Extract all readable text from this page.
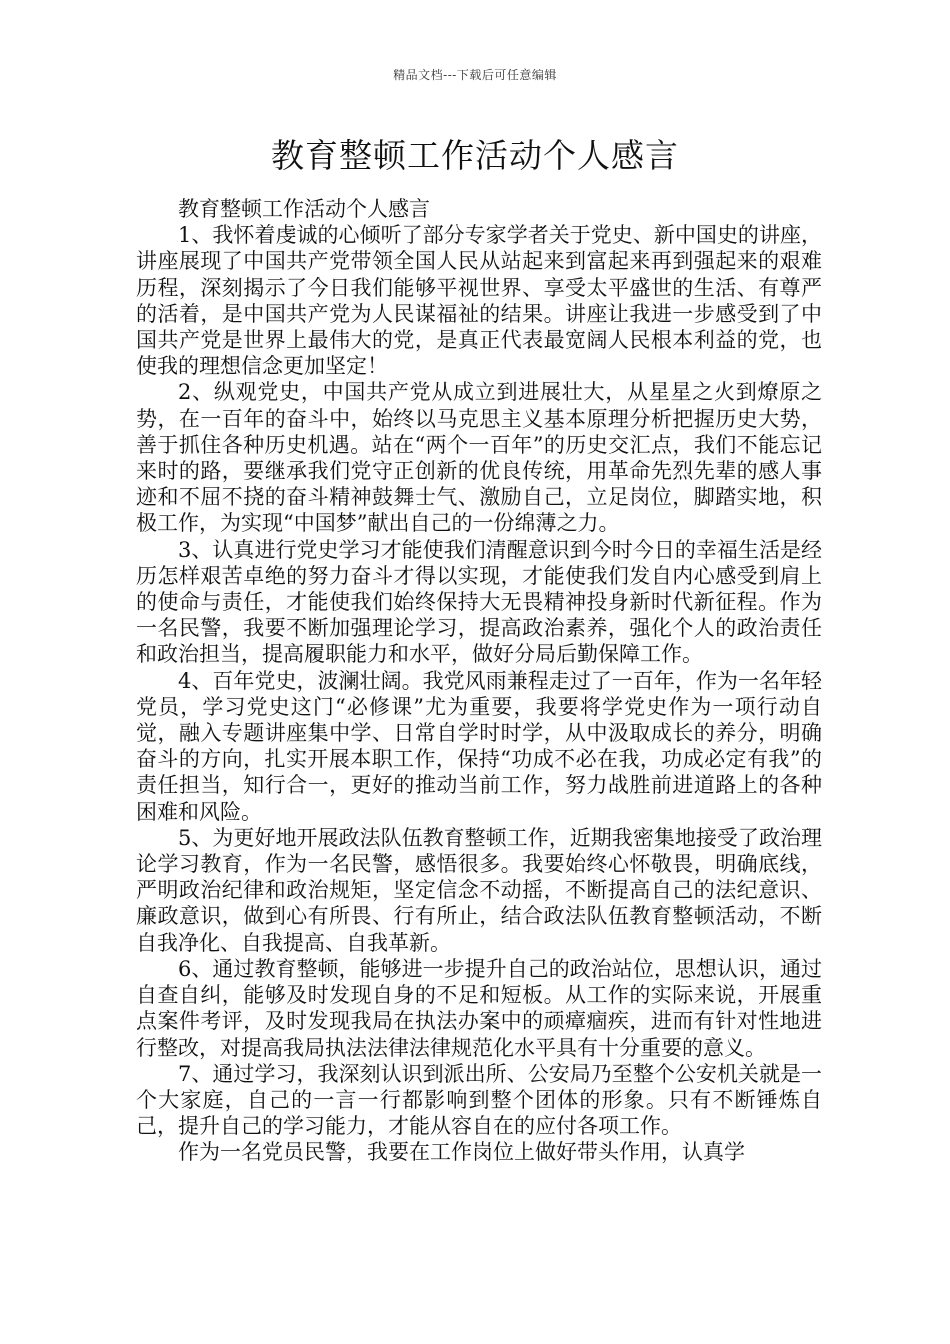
精品文档---下载后可任意编辑
教育整顿工作活动个人感言

教育整顿工作活动个人感言

1、我怀着虔诚的心倾听了部分专家学者关于党史、新中国史的讲座，讲座展现了中国共产党带领全国人民从站起来到富起来再到强起来的艰难历程，深刻揭示了今日我们能够平视世界、享受太平盛世的生活、有尊严的活着，是中国共产党为人民谋福祉的结果。讲座让我进一步感受到了中国共产党是世界上最伟大的党，是真正代表最宽阔人民根本利益的党，也使我的理想信念更加坚定！

2、纵观党史，中国共产党从成立到进展壮大，从星星之火到燎原之势，在一百年的奋斗中，始终以马克思主义基本原理分析把握历史大势，善于抓住各种历史机遇。站在“两个一百年”的历史交汇点，我们不能忘记来时的路，要继承我们党守正创新的优良传统，用革命先烈先辈的感人事迹和不屈不挠的奋斗精神鼓舞士气、激励自己，立足岗位，脚踏实地，积极工作，为实现“中国梦”献出自己的一份绵薄之力。

3、认真进行党史学习才能使我们清醒意识到今时今日的幸福生活是经历怎样艰苦卓绝的努力奋斗才得以实现，才能使我们发自内心感受到肩上的使命与责任，才能使我们始终保持大无畏精神投身新时代新征程。作为一名民警，我要不断加强理论学习，提高政治素养，强化个人的政治责任和政治担当，提高履职能力和水平，做好分局后勤保障工作。

4、百年党史，波澜壮阔。我党风雨兼程走过了一百年，作为一名年轻党员，学习党史这门“必修课”尤为重要，我要将学党史作为一项行动自觉，融入专题讲座集中学、日常自学时时学，从中汲取成长的养分，明确奋斗的方向，扎实开展本职工作，保持“功成不必在我，功成必定有我”的责任担当，知行合一，更好的推动当前工作，努力战胜前进道路上的各种困难和风险。

5、为更好地开展政法队伍教育整顿工作，近期我密集地接受了政治理论学习教育，作为一名民警，感悟很多。我要始终心怀敬畏，明确底线，严明政治纪律和政治规矩，坚定信念不动摇，不断提高自己的法纪意识、廉政意识，做到心有所畏、行有所止，结合政法队伍教育整顿活动，不断自我净化、自我提高、自我革新。

6、通过教育整顿，能够进一步提升自己的政治站位，思想认识，通过自查自纠，能够及时发现自身的不足和短板。从工作的实际来说，开展重点案件考评，及时发现我局在执法办案中的顽瘴痼疾，进而有针对性地进行整改，对提高我局执法法律法律规范化水平具有十分重要的意义。

7、通过学习，我深刻认识到派出所、公安局乃至整个公安机关就是一个大家庭，自己的一言一行都影响到整个团体的形象。只有不断锤炼自己，提升自己的学习能力，才能从容自在的应付各项工作。

作为一名党员民警，我要在工作岗位上做好带头作用，认真学
